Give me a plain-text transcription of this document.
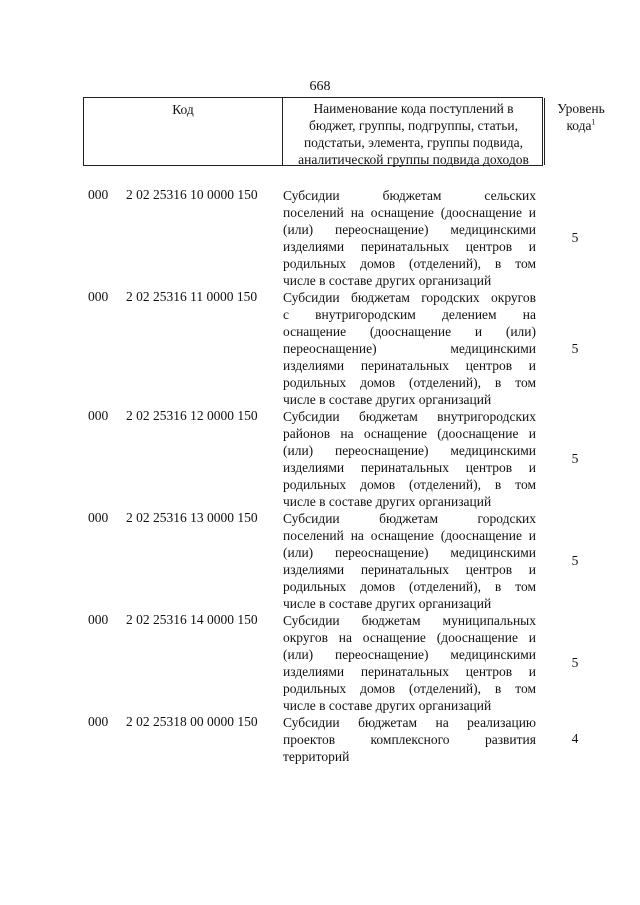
668
Код	Наименование кода поступлений в
бюджет, группы, подгруппы, статьи,
подстатьи, элемента, группы подвида,
аналитической группы подвида доходов
Уровень
кода$^1$
000 2 02 25316 10 0000 150 Субсидии бюджетам сельских
поселений на оснащение (дооснащение и
(или) переоснащение) медицинскими
изделиями перинатальных центров и
родильных домов (отделений), в том
числе в составе других организаций
5
000 2 02 25316 11 0000 150 Субсидии бюджетам городских округов
с внутригородским делением на
оснащение (дооснащение и (или)
переоснащение) медицинскими
изделиями перинатальных центров и
родильных домов (отделений), в том
числе в составе других организаций
5
000 2 02 25316 12 0000 150 Субсидии бюджетам внутригородских
районов на оснащение (дооснащение и
(или) переоснащение) медицинскими
изделиями перинатальных центров и
родильных домов (отделений), в том
числе в составе других организаций
5
000 2 02 25316 13 0000 150 Субсидии бюджетам городских
поселений на оснащение (дооснащение и
(или) переоснащение) медицинскими
изделиями перинатальных центров и
родильных домов (отделений), в том
числе в составе других организаций
5
000 2 02 25316 14 0000 150 Субсидии бюджетам муниципальных
округов на оснащение (дооснащение и
(или) переоснащение) медицинскими
изделиями перинатальных центров и
родильных домов (отделений), в том
числе в составе других организаций
5
000 2 02 25318 00 0000 150 Субсидии бюджетам на реализацию
проектов комплексного развития
территорий
4
